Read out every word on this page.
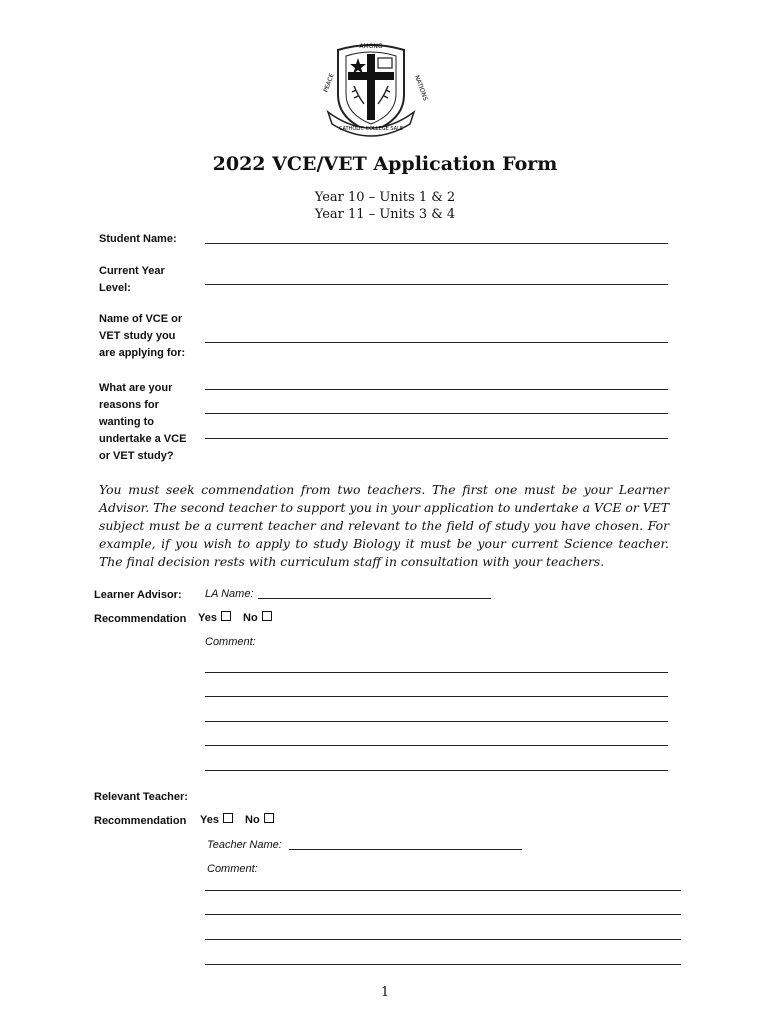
AMONG
PEACE	NATIONS
CATHOLIC COLLEGE SALE
2022 VCE/VET Application Form
Year 10 – Units 1 & 2
Year 11 – Units 3 & 4
Student Name:
Current Year
Level:
Name of VCE or
VET study you
are applying for:
What are your
reasons for
wanting to
undertake a VCE
or VET study?
You must seek commendation from two teachers. The first one must be your Learner Advisor. The second teacher to support you in your application to undertake a VCE or VET subject must be a current teacher and relevant to the field of study you have chosen. For example, if you wish to apply to study Biology it must be your current Science teacher. The final decision rests with curriculum staff in consultation with your teachers.
Learner Advisor: LA Name:
Recommendation Yes	No
Comment:
Relevant Teacher:
Recommendation Yes	No
Teacher Name:
Comment:
1
